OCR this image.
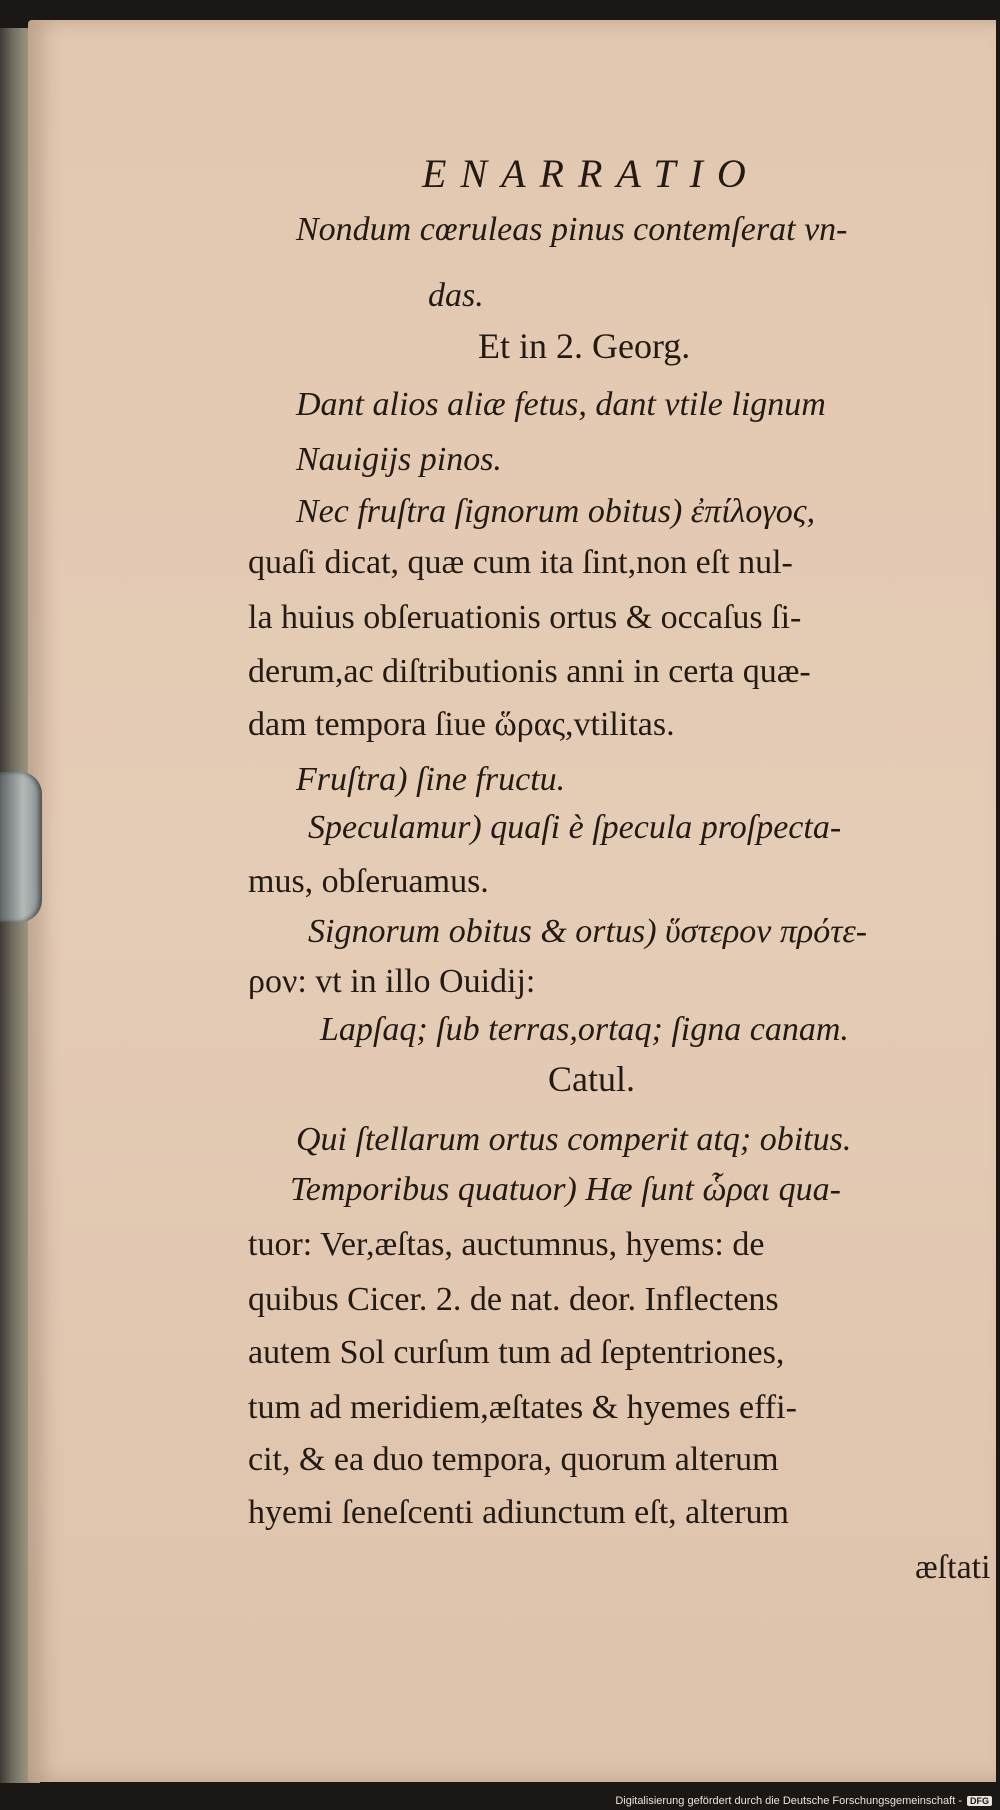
ENARRATIO
Nondum cœruleas pinus contemſerat vn-
das.
Et in 2. Georg.
Dant alios aliæ fetus, dant vtile lignum
Nauigijs pinos.
Nec fruſtra ſignorum obitus) ἐπίλογος,
quaſi dicat, quæ cum ita ſint,non eſt nul-
la huius obſeruationis ortus & occaſus ſi-
derum,ac diſtributionis anni in certa quæ-
dam tempora ſiue ὥρας,vtilitas.
Fruſtra) ſine fructu.
Speculamur) quaſi è ſpecula proſpecta-
mus, obſeruamus.
Signorum obitus & ortus) ὕστερον πρότε-
ρον: vt in illo Ouidij:
Lapſaq; ſub terras,ortaq; ſigna canam.
Catul.
Qui ſtellarum ortus comperit atq; obitus.
Temporibus quatuor) Hæ ſunt ὧραι qua-
tuor: Ver,æſtas, auctumnus, hyems: de
quibus Cicer. 2. de nat. deor. Inflectens
autem Sol curſum tum ad ſeptentriones,
tum ad meridiem,æſtates & hyemes effi-
cit, & ea duo tempora, quorum alterum
hyemi ſeneſcenti adiunctum eſt, alterum
æſtati
Digitalisierung gefördert durch die Deutsche Forschungsgemeinschaft - DFG
